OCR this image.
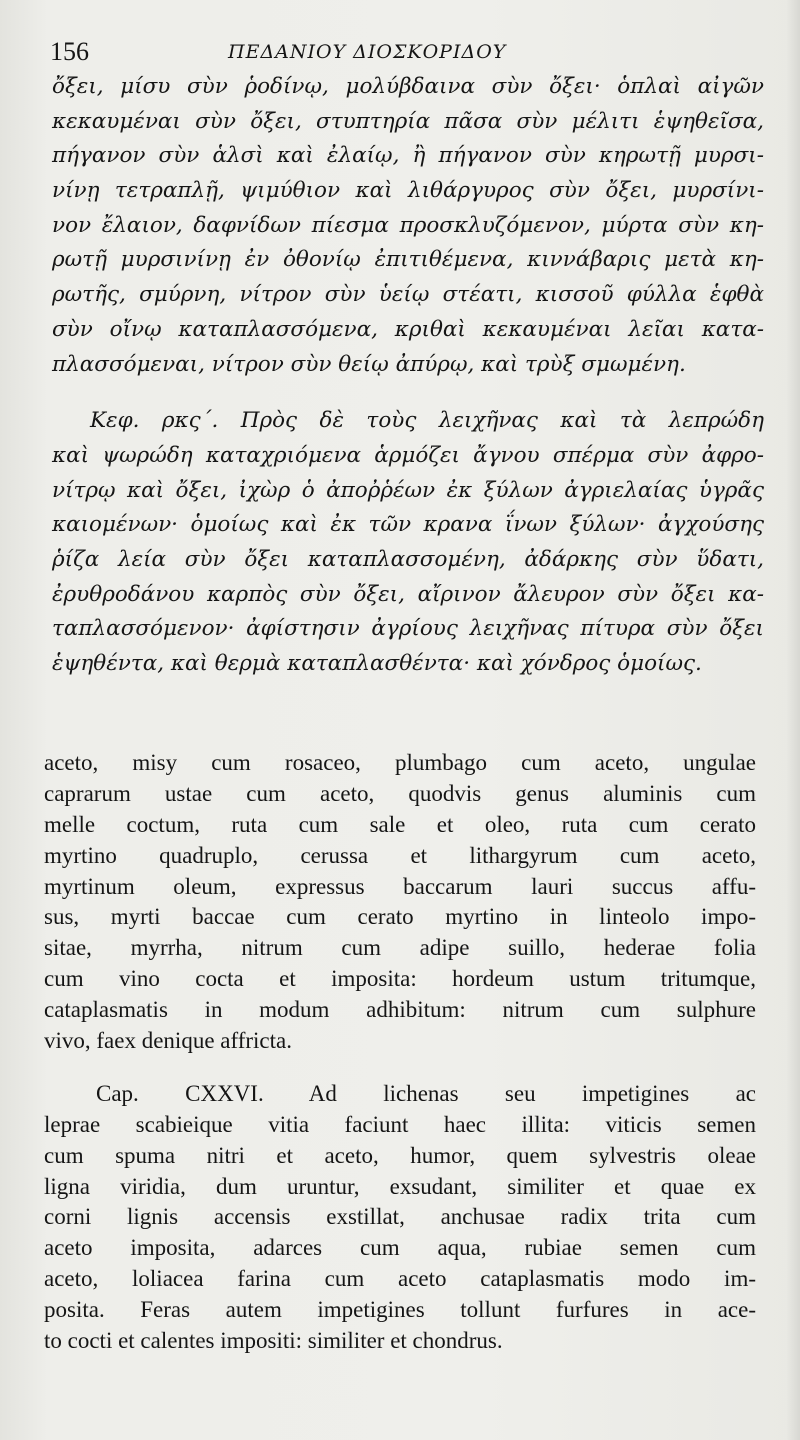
156	ΠΕΔΑΝΙΟΥ ΔΙΟΣΚΟΡΙΔΟΥ
ὄξει, μίσυ σὺν ῥοδίνῳ, μολύβδαινα σὺν ὄξει· ὁπλαὶ αἰγῶν
κεκαυμέναι σὺν ὄξει, στυπτηρία πᾶσα σὺν μέλιτι ἑψηθεῖσα,
πήγανον σὺν ἁλσὶ καὶ ἐλαίῳ, ἢ πήγανον σὺν κηρωτῇ μυρσι-
νίνῃ τετραπλῇ, ψιμύθιον καὶ λιθάργυρος σὺν ὄξει, μυρσίνι-
νον ἔλαιον, δαφνίδων πίεσμα προσκλυζόμενον, μύρτα σὺν κη-
ρωτῇ μυρσινίνῃ ἐν ὀθονίῳ ἐπιτιθέμενα, κιννάβαρις μετὰ κη-
ρωτῆς, σμύρνη, νίτρον σὺν ὑείῳ στέατι, κισσοῦ φύλλα ἑφθὰ
σὺν οἴνῳ καταπλασσόμενα, κριθαὶ κεκαυμέναι λεῖαι κατα-
πλασσόμεναι, νίτρον σὺν θείῳ ἀπύρῳ, καὶ τρὺξ σμωμένη.
Κεφ. ρκς΄. Πρὸς δὲ τοὺς λειχῆνας καὶ τὰ λεπρώδη
καὶ ψωρώδη καταχριόμενα ἁρμόζει ἄγνου σπέρμα σὺν ἀφρο-
νίτρῳ καὶ ὄξει, ἰχὼρ ὁ ἀποῤῥέων ἐκ ξύλων ἀγριελαίας ὑγρᾶς
καιομένων· ὁμοίως καὶ ἐκ τῶν κρανα ΐνων ξύλων· ἀγχούσης
ῥίζα λεία σὺν ὄξει καταπλασσομένη, ἀδάρκης σὺν ὕδατι,
ἐρυθροδάνου καρπὸς σὺν ὄξει, αἴρινον ἄλευρον σὺν ὄξει κα-
ταπλασσόμενον· ἀφίστησιν ἀγρίους λειχῆνας πίτυρα σὺν ὄξει
ἑψηθέντα, καὶ θερμὰ καταπλασθέντα· καὶ χόνδρος ὁμοίως.
aceto, misy cum rosaceo, plumbago cum aceto, ungulae
caprarum ustae cum aceto, quodvis genus aluminis cum
melle coctum, ruta cum sale et oleo, ruta cum cerato
myrtino quadruplo, cerussa et lithargyrum cum aceto,
myrtinum oleum, expressus baccarum lauri succus affu-
sus, myrti baccae cum cerato myrtino in linteolo impo-
sitae, myrrha, nitrum cum adipe suillo, hederae folia
cum vino cocta et imposita: hordeum ustum tritumque,
cataplasmatis in modum adhibitum: nitrum cum sulphure
vivo, faex denique affricta.
Cap. CXXVI. Ad lichenas seu impetigines ac
leprae scabieique vitia faciunt haec illita: viticis semen
cum spuma nitri et aceto, humor, quem sylvestris oleae
ligna viridia, dum uruntur, exsudant, similiter et quae ex
corni lignis accensis exstillat, anchusae radix trita cum
aceto imposita, adarces cum aqua, rubiae semen cum
aceto, loliacea farina cum aceto cataplasmatis modo im-
posita. Feras autem impetigines tollunt furfures in ace-
to cocti et calentes impositi: similiter et chondrus.
